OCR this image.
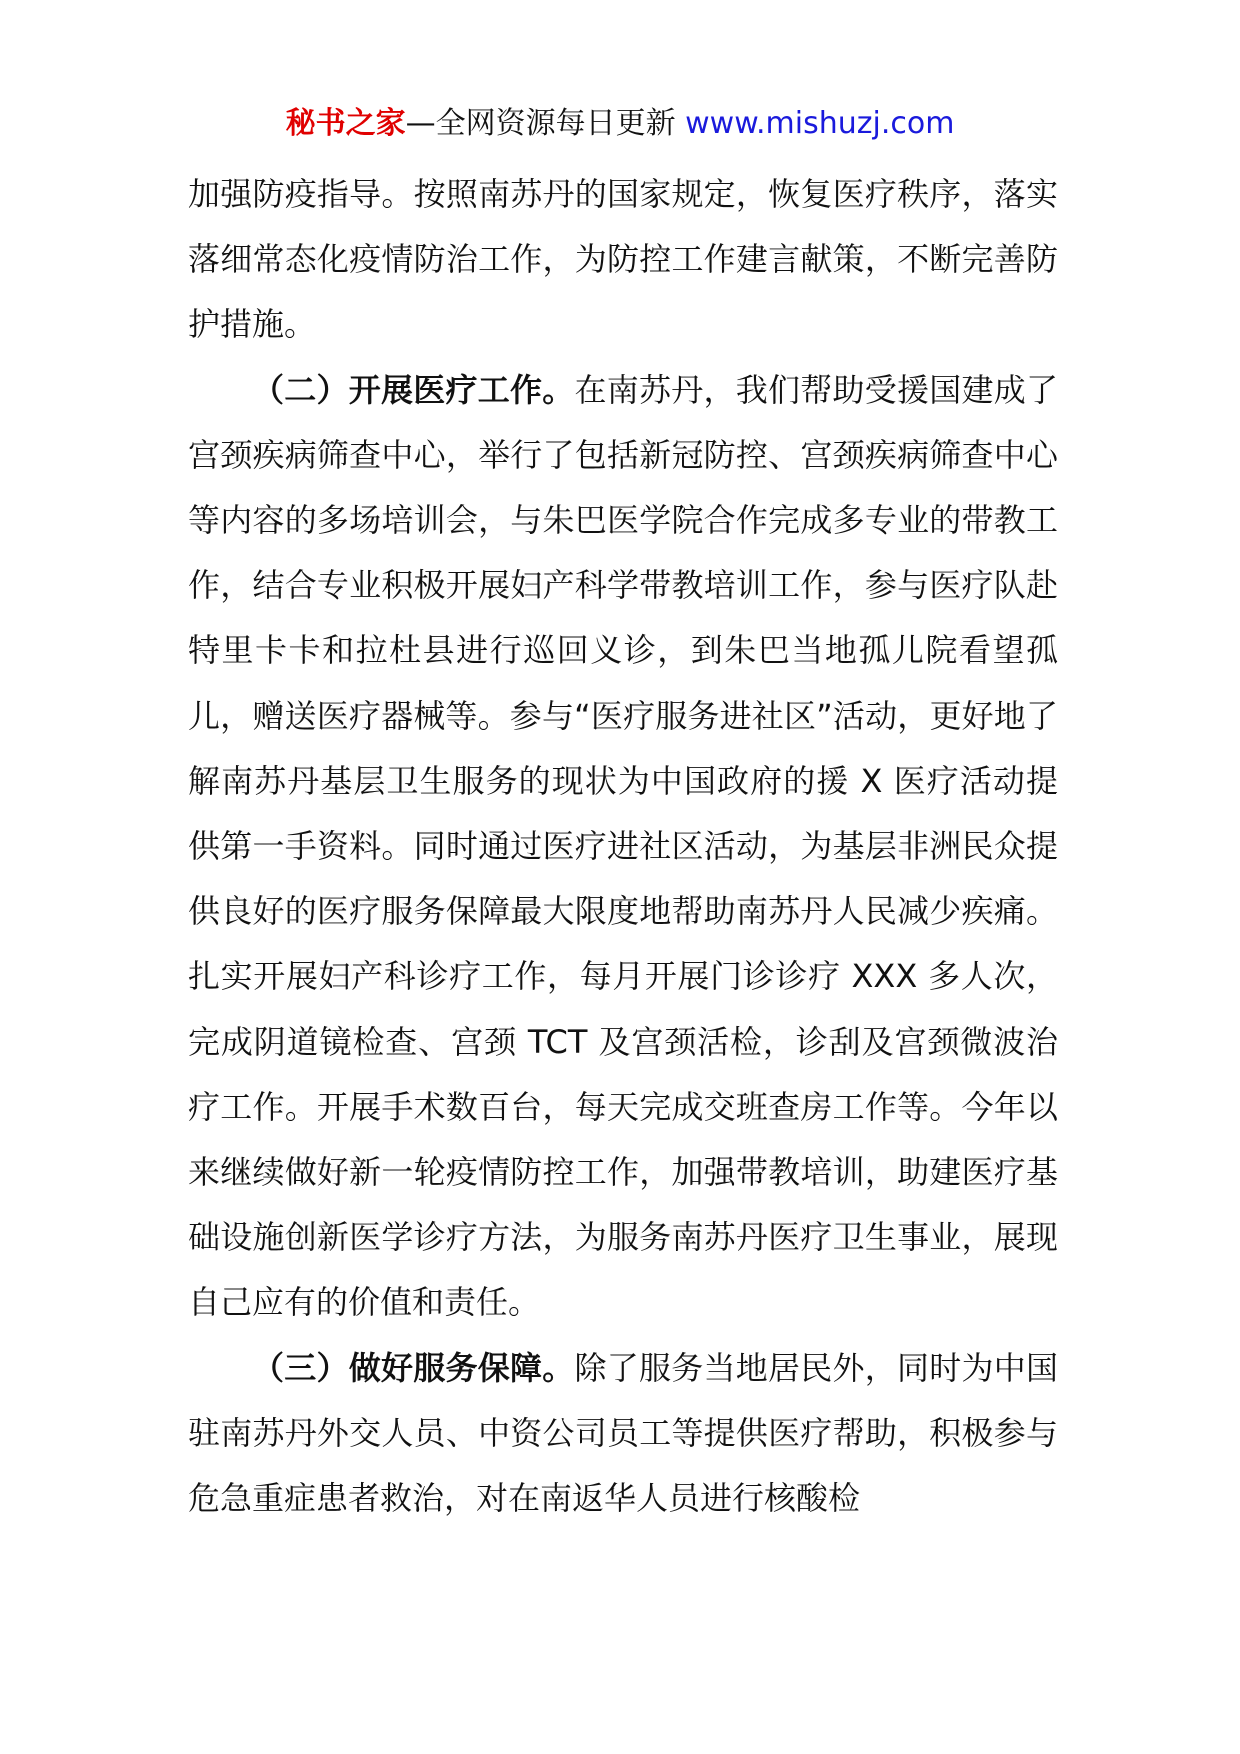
秘书之家—全网资源每日更新 www.mishuzj.com

加强防疫指导。按照南苏丹的国家规定，恢复医疗秩序，落实落细常态化疫情防治工作，为防控工作建言献策，不断完善防护措施。

（二）开展医疗工作。在南苏丹，我们帮助受援国建成了宫颈疾病筛查中心，举行了包括新冠防控、宫颈疾病筛查中心等内容的多场培训会，与朱巴医学院合作完成多专业的带教工作，结合专业积极开展妇产科学带教培训工作，参与医疗队赴特里卡卡和拉杜县进行巡回义诊，到朱巴当地孤儿院看望孤儿，赠送医疗器械等。参与“医疗服务进社区”活动，更好地了解南苏丹基层卫生服务的现状为中国政府的援 X 医疗活动提供第一手资料。同时通过医疗进社区活动，为基层非洲民众提供良好的医疗服务保障最大限度地帮助南苏丹人民减少疾痛。扎实开展妇产科诊疗工作，每月开展门诊诊疗 XXX 多人次，完成阴道镜检查、宫颈 TCT 及宫颈活检，诊刮及宫颈微波治疗工作。开展手术数百台，每天完成交班查房工作等。今年以来继续做好新一轮疫情防控工作，加强带教培训，助建医疗基础设施创新医学诊疗方法，为服务南苏丹医疗卫生事业，展现自己应有的价值和责任。

（三）做好服务保障。除了服务当地居民外，同时为中国驻南苏丹外交人员、中资公司员工等提供医疗帮助，积极参与危急重症患者救治，对在南返华人员进行核酸检
